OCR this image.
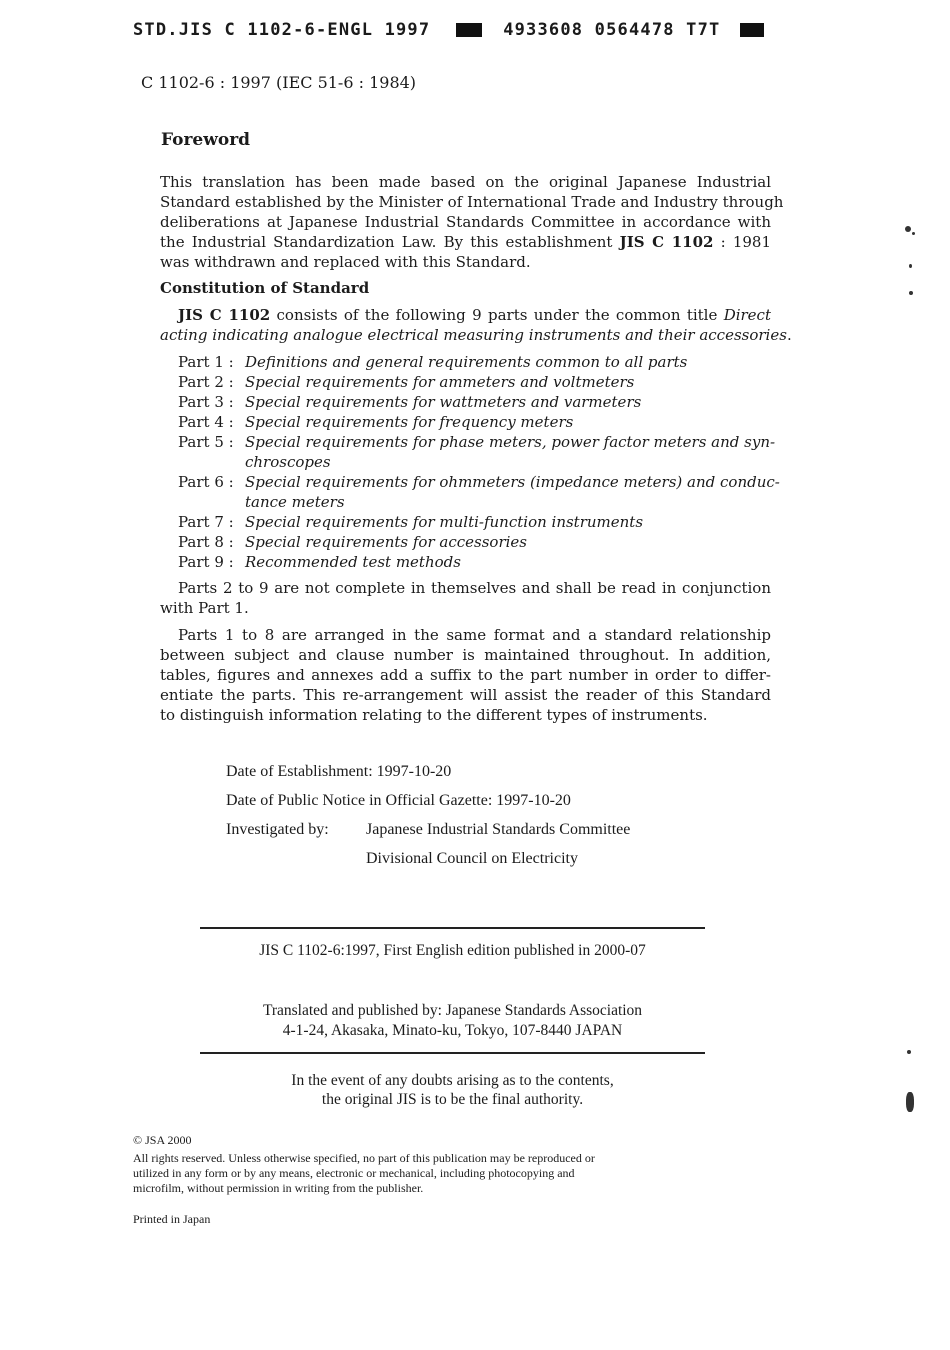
STD.JIS C 1102-6-ENGL 1997	4933608 0564478 T7T
C 1102-6 : 1997 (IEC 51-6 : 1984)
Foreword
This translation has been made based on the original Japanese Industrial
Standard established by the Minister of International Trade and Industry through
deliberations at Japanese Industrial Standards Committee in accordance with
the Industrial Standardization Law. By this establishment JIS C 1102 : 1981
was withdrawn and replaced with this Standard.
Constitution of Standard
JIS C 1102 consists of the following 9 parts under the common title Direct
acting indicating analogue electrical measuring instruments and their accessories.
Part 1 : Definitions and general requirements common to all parts
Part 2 : Special requirements for ammeters and voltmeters
Part 3 : Special requirements for wattmeters and varmeters
Part 4 : Special requirements for frequency meters
Part 5 : Special requirements for phase meters, power factor meters and syn-
chroscopes
Part 6 : Special requirements for ohmmeters (impedance meters) and conduc-
tance meters
Part 7 : Special requirements for multi-function instruments
Part 8 : Special requirements for accessories
Part 9 : Recommended test methods
Parts 2 to 9 are not complete in themselves and shall be read in conjunction
with Part 1.
Parts 1 to 8 are arranged in the same format and a standard relationship
between subject and clause number is maintained throughout. In addition,
tables, figures and annexes add a suffix to the part number in order to differ-
entiate the parts. This re-arrangement will assist the reader of this Standard
to distinguish information relating to the different types of instruments.
Date of Establishment: 1997-10-20
Date of Public Notice in Official Gazette: 1997-10-20
Investigated by: Japanese Industrial Standards Committee
Divisional Council on Electricity
JIS C 1102-6:1997, First English edition published in 2000-07
Translated and published by: Japanese Standards Association
4-1-24, Akasaka, Minato-ku, Tokyo, 107-8440 JAPAN
In the event of any doubts arising as to the contents,
the original JIS is to be the final authority.
© JSA 2000
All rights reserved. Unless otherwise specified, no part of this publication may be reproduced or
utilized in any form or by any means, electronic or mechanical, including photocopying and
microfilm, without permission in writing from the publisher.
Printed in Japan
